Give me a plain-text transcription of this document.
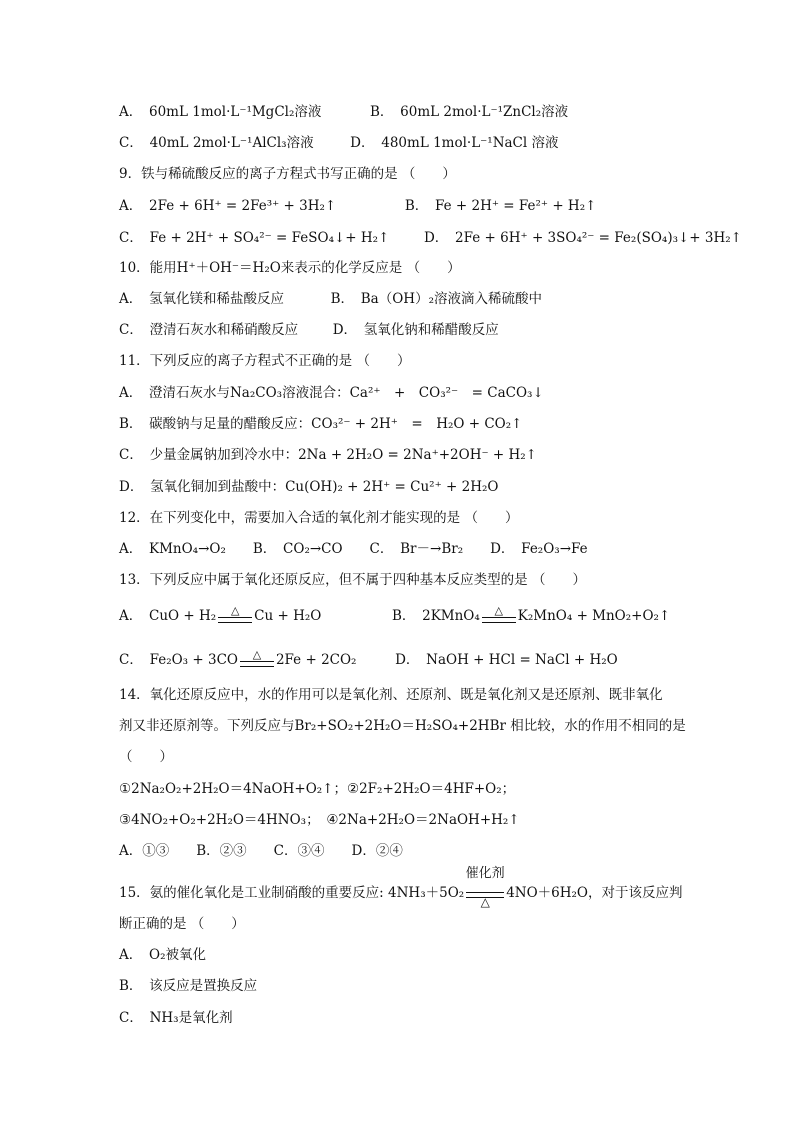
A．　60mL 1mol·L⁻¹MgCl₂溶液	B．　60mL 2mol·L⁻¹ZnCl₂溶液
C．　40mL 2mol·L⁻¹AlCl₃溶液	D．　480mL 1mol·L⁻¹NaCl 溶液
9．铁与稀硫酸反应的离子方程式书写正确的是 （　　）
A．　2Fe + 6H⁺ = 2Fe³⁺ + 3H₂↑	B．　Fe + 2H⁺ = Fe²⁺ + H₂↑
C．　Fe + 2H⁺ + SO₄²⁻ = FeSO₄↓+ H₂↑	D．　2Fe + 6H⁺ + 3SO₄²⁻ = Fe₂(SO₄)₃↓+ 3H₂↑
10．能用H⁺＋OH⁻＝H₂O来表示的化学反应是 （　　）
A．　氢氧化镁和稀盐酸反应	B．　Ba（OH）₂溶液滴入稀硫酸中
C．　澄清石灰水和稀硝酸反应	D．　氢氧化钠和稀醋酸反应
11．下列反应的离子方程式不正确的是 （　　）
A．　澄清石灰水与Na₂CO₃溶液混合：Ca²⁺　+　CO₃²⁻　= CaCO₃↓
B．　碳酸钠与足量的醋酸反应：CO₃²⁻ + 2H⁺　=　H₂O + CO₂↑
C．　少量金属钠加到冷水中：2Na + 2H₂O = 2Na⁺+2OH⁻ + H₂↑
D．　氢氧化铜加到盐酸中：Cu(OH)₂ + 2H⁺ = Cu²⁺ + 2H₂O
12．在下列变化中，需要加入合适的氧化剂才能实现的是 （　　）
A．　KMnO₄→O₂　　B．　CO₂→CO　　C．　Br－→Br₂　　D．　Fe₂O₃→Fe
13．下列反应中属于氧化还原反应，但不属于四种基本反应类型的是 （　　）
A．　CuO + H₂	△	Cu + H₂O	B．　2KMnO₄	△	K₂MnO₄ + MnO₂+O₂↑
C．　Fe₂O₃ + 3CO	△	2Fe + 2CO₂	D．　NaOH + HCl = NaCl + H₂O
14．氧化还原反应中，水的作用可以是氧化剂、还原剂、既是氧化剂又是还原剂、既非氧化
剂又非还原剂等。下列反应与Br₂+SO₂+2H₂O＝H₂SO₄+2HBr 相比较，水的作用不相同的是
（　　）
①2Na₂O₂+2H₂O＝4NaOH+O₂↑；②2F₂+2H₂O＝4HF+O₂；
③4NO₂+O₂+2H₂O＝4HNO₃；　④2Na+2H₂O＝2NaOH+H₂↑
A．①③　　B．②③　　C．③④　　D．②④
15．氨的催化氧化是工业制硝酸的重要反应: 4NH₃＋5O₂
催化剂
△
4NO＋6H₂O，对于该反应判
断正确的是 （　　）
A．　O₂被氧化
B．　该反应是置换反应
C．　NH₃是氧化剂
